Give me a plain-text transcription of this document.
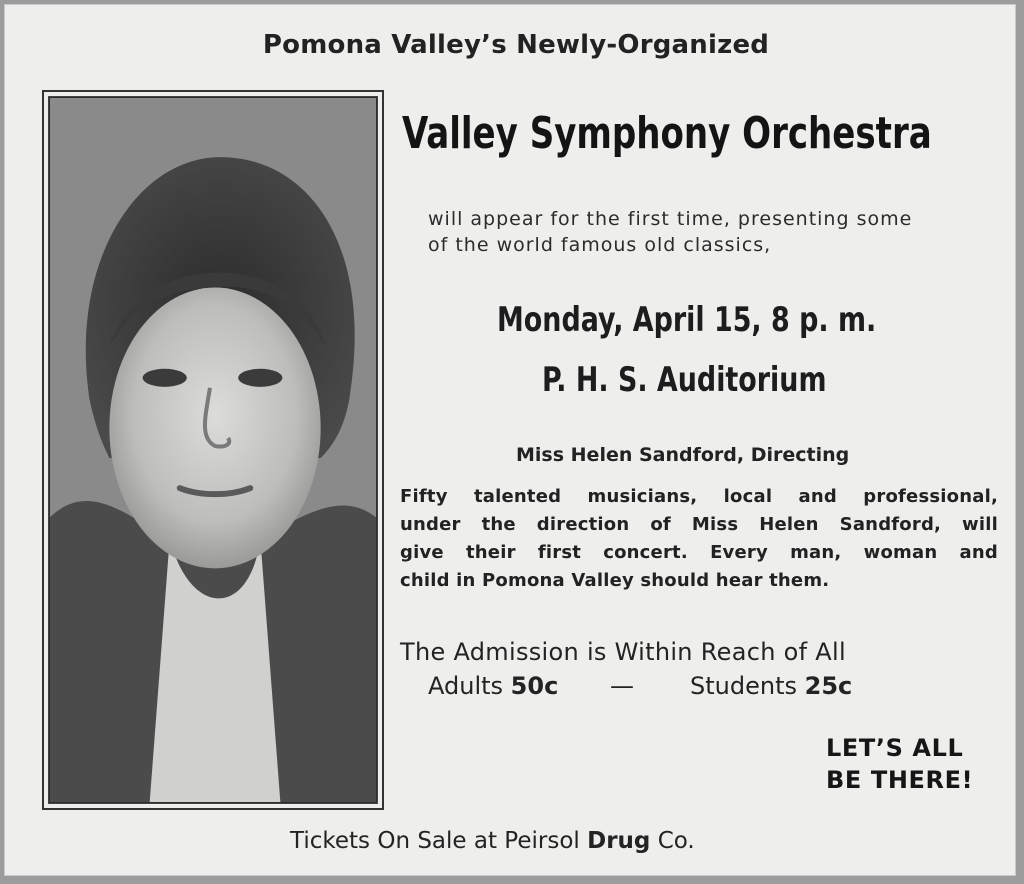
Pomona Valley’s Newly-Organized
Valley Symphony Orchestra
will appear for the first time, presenting some
of the world famous old classics,
Monday, April 15, 8 p. m.
P. H. S. Auditorium
Miss Helen Sandford, Directing
Fifty talented musicians, local and professional,
under the direction of Miss Helen Sandford, will
give their first concert. Every man, woman and
child in Pomona Valley should hear them.
The Admission is Within Reach of All
Adults 50c — Students 25c
LET’S ALL
BE THERE!
Tickets On Sale at Peirsol Drug Co.
